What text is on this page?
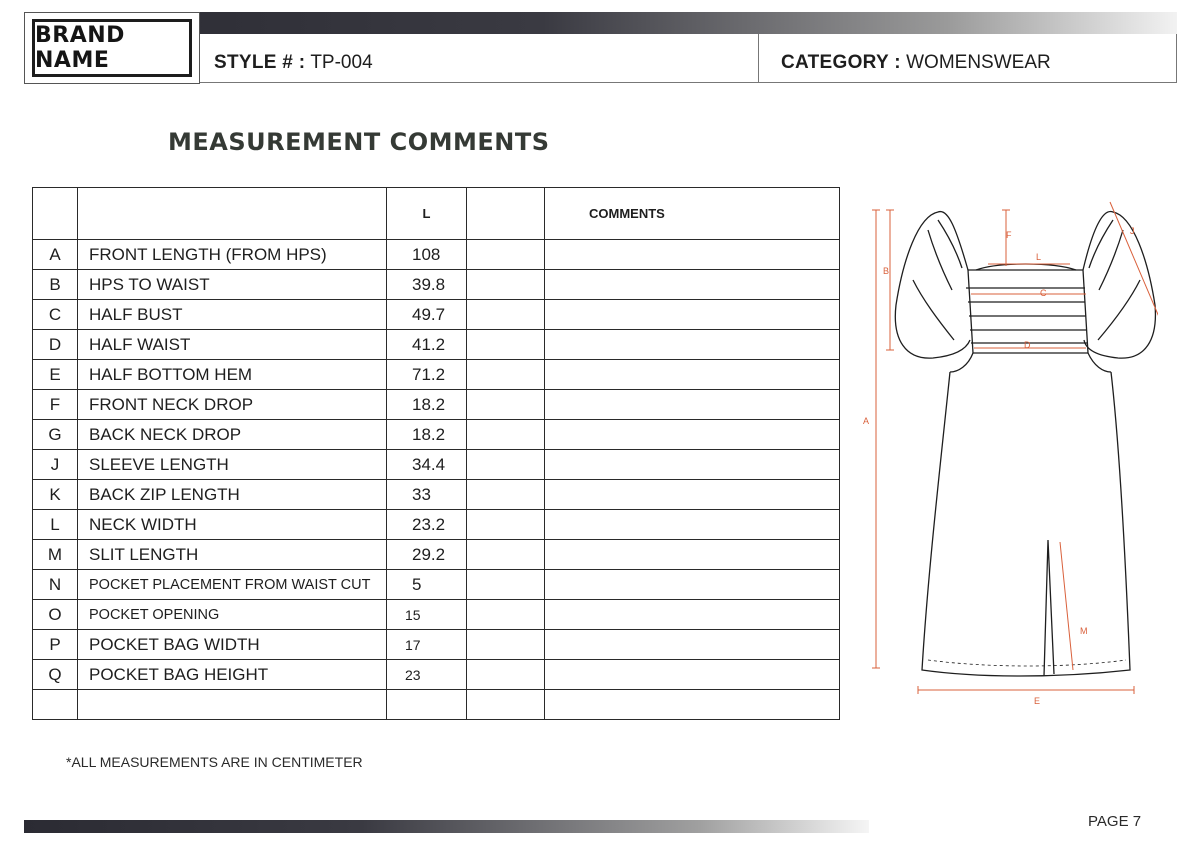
BRAND NAME	STYLE # : TP-004	CATEGORY : WOMENSWEAR
MEASUREMENT COMMENTS
		L		COMMENTS
A	FRONT LENGTH (FROM HPS)	108		
B	HPS TO WAIST	39.8		
C	HALF BUST	49.7		
D	HALF WAIST	41.2		
E	HALF BOTTOM HEM	71.2		
F	FRONT NECK DROP	18.2		
G	BACK NECK DROP	18.2		
J	SLEEVE LENGTH	34.4		
K	BACK ZIP LENGTH	33		
L	NECK WIDTH	23.2		
M	SLIT LENGTH	29.2		
N	POCKET PLACEMENT FROM WAIST CUT	5		
O	POCKET OPENING	15		
P	POCKET BAG WIDTH	17		
Q	POCKET BAG HEIGHT	23		

F
L
J
B
C
D
A
M
E
*ALL MEASUREMENTS ARE IN CENTIMETER
PAGE 7
